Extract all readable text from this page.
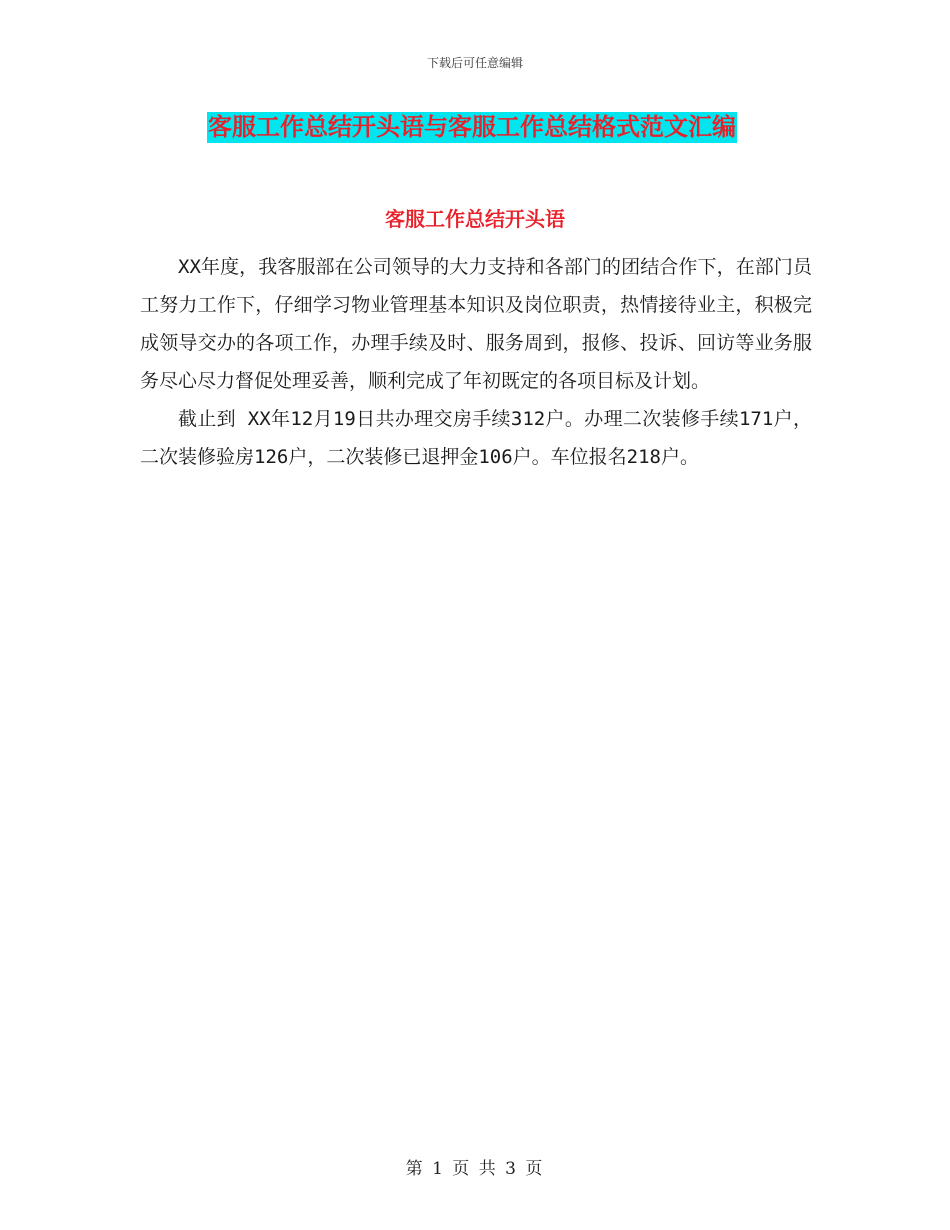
下载后可任意编辑
客服工作总结开头语与客服工作总结格式范文汇编
客服工作总结开头语

XX年度，我客服部在公司领导的大力支持和各部门的团结合作下，在部门员工努力工作下，仔细学习物业管理基本知识及岗位职责，热情接待业主，积极完成领导交办的各项工作，办理手续及时、服务周到，报修、投诉、回访等业务服务尽心尽力督促处理妥善，顺利完成了年初既定的各项目标及计划。

截止到 XX年12月19日共办理交房手续312户。办理二次装修手续171户，二次装修验房126户，二次装修已退押金106户。车位报名218户。

第 1 页 共 3 页
